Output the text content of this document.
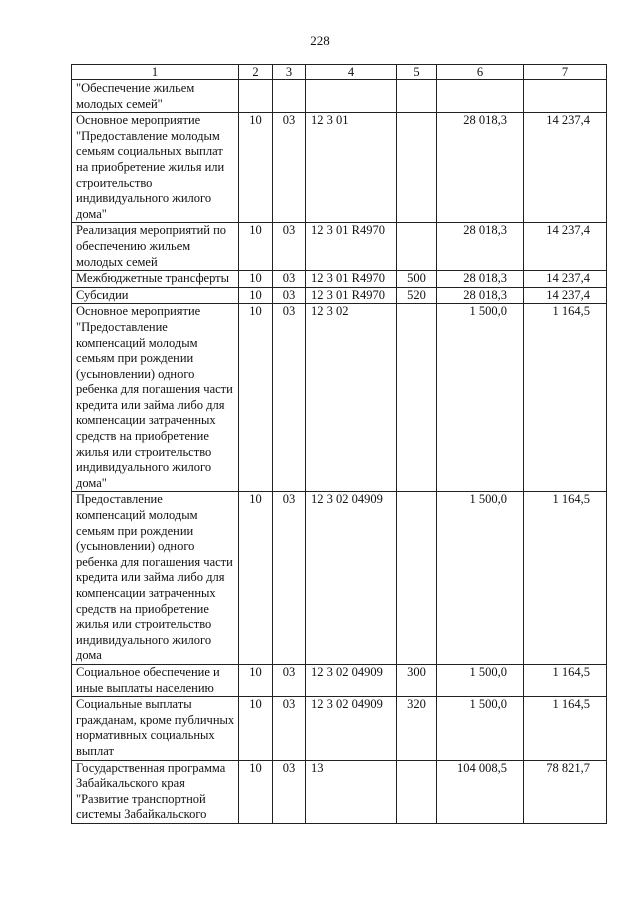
228
1	2	3	4	5	6	7
"Обеспечение жильем молодых семей"						
Основное мероприятие "Предоставление молодым семьям социальных выплат на приобретение жилья или строительство индивидуального жилого дома"	10	03	12 3 01		28 018,3	14 237,4
Реализация мероприятий по обеспечению жильем молодых семей	10	03	12 3 01 R4970		28 018,3	14 237,4
Межбюджетные трансферты	10	03	12 3 01 R4970	500	28 018,3	14 237,4
Субсидии	10	03	12 3 01 R4970	520	28 018,3	14 237,4
Основное мероприятие "Предоставление компенсаций молодым семьям при рождении (усыновлении) одного ребенка для погашения части кредита или займа либо для компенсации затраченных средств на приобретение жилья или строительство индивидуального жилого дома"	10	03	12 3 02		1 500,0	1 164,5
Предоставление компенсаций молодым семьям при рождении (усыновлении) одного ребенка для погашения части кредита или займа либо для компенсации затраченных средств на приобретение жилья или строительство индивидуального жилого дома	10	03	12 3 02 04909		1 500,0	1 164,5
Социальное обеспечение и иные выплаты населению	10	03	12 3 02 04909	300	1 500,0	1 164,5
Социальные выплаты гражданам, кроме публичных нормативных социальных выплат	10	03	12 3 02 04909	320	1 500,0	1 164,5
Государственная программа Забайкальского края "Развитие транспортной системы Забайкальского	10	03	13		104 008,5	78 821,7
